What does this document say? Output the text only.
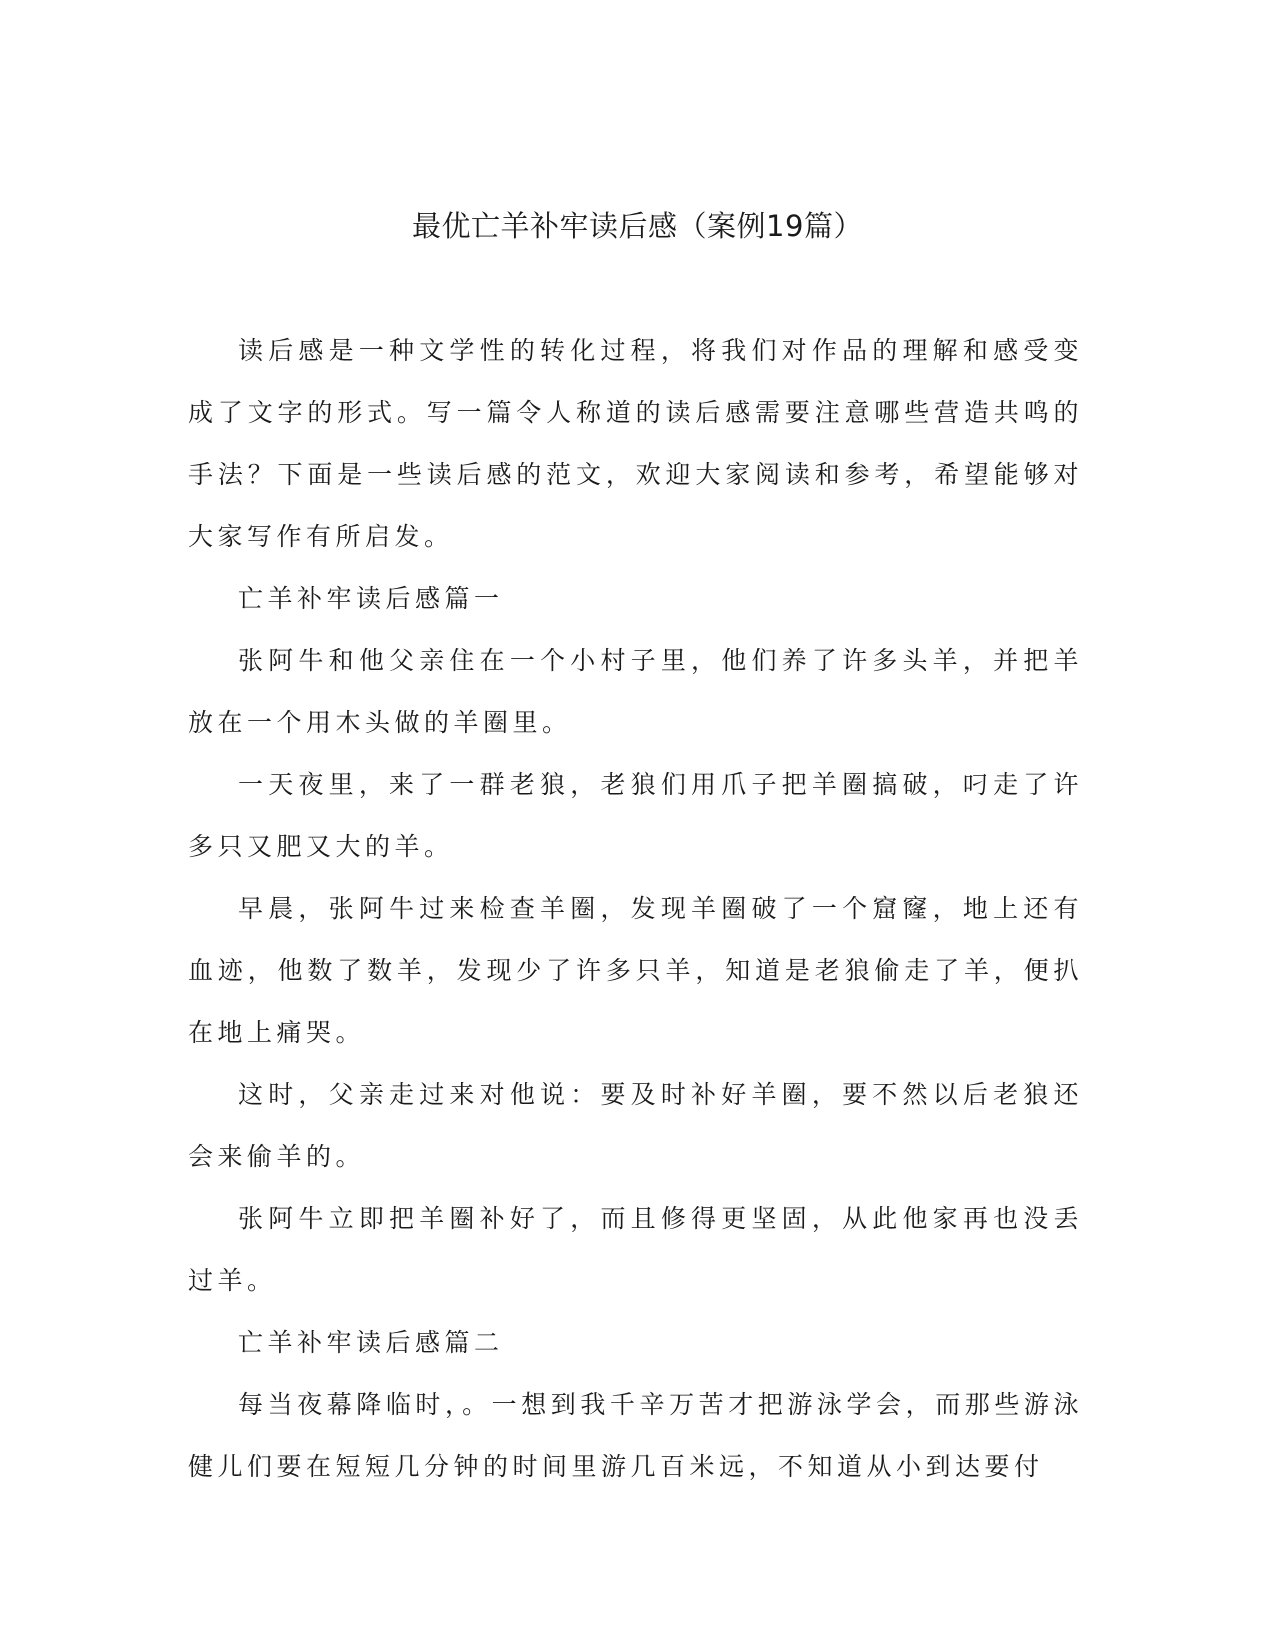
最优亡羊补牢读后感（案例19篇）

读后感是一种文学性的转化过程，将我们对作品的理解和感受变成了文字的形式。写一篇令人称道的读后感需要注意哪些营造共鸣的手法？下面是一些读后感的范文，欢迎大家阅读和参考，希望能够对大家写作有所启发。

亡羊补牢读后感篇一

张阿牛和他父亲住在一个小村子里，他们养了许多头羊，并把羊放在一个用木头做的羊圈里。

一天夜里，来了一群老狼，老狼们用爪子把羊圈搞破，叼走了许多只又肥又大的羊。

早晨，张阿牛过来检查羊圈，发现羊圈破了一个窟窿，地上还有血迹，他数了数羊，发现少了许多只羊，知道是老狼偷走了羊，便扒在地上痛哭。

这时，父亲走过来对他说：要及时补好羊圈，要不然以后老狼还会来偷羊的。

张阿牛立即把羊圈补好了，而且修得更坚固，从此他家再也没丢过羊。

亡羊补牢读后感篇二

每当夜幕降临时，。一想到我千辛万苦才把游泳学会，而那些游泳健儿们要在短短几分钟的时间里游几百米远，不知道从小到达要付
